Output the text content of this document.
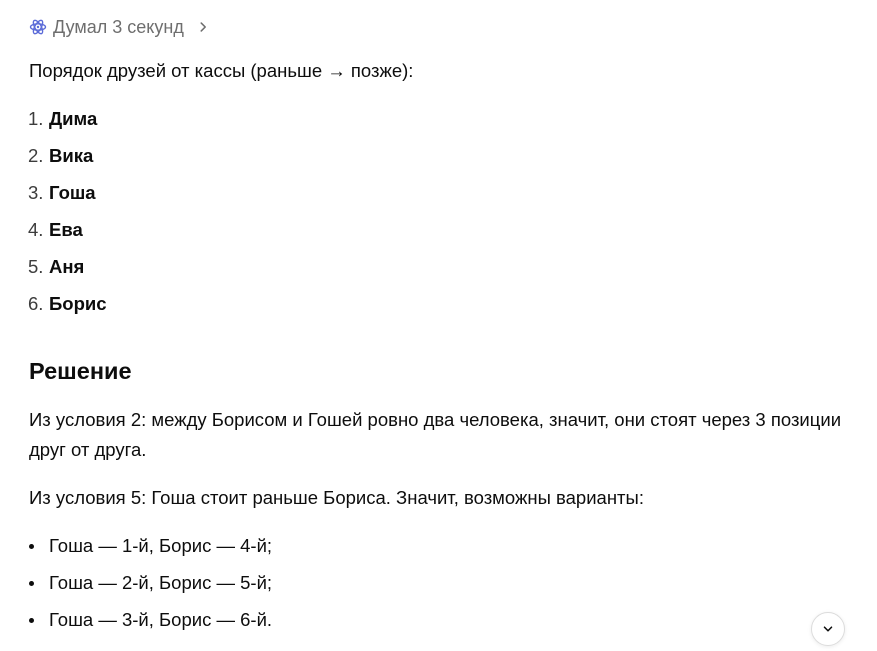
Думал 3 секунд

Порядок друзей от кассы (раньше → позже):

1. Дима
2. Вика
3. Гоша
4. Ева
5. Аня
6. Борис
Решение

Из условия 2: между Борисом и Гошей ровно два человека, значит, они стоят через 3 позиции друг от друга.

Из условия 5: Гоша стоит раньше Бориса. Значит, возможны варианты:

Гоша — 1-й, Борис — 4-й;
Гоша — 2-й, Борис — 5-й;
Гоша — 3-й, Борис — 6-й.
